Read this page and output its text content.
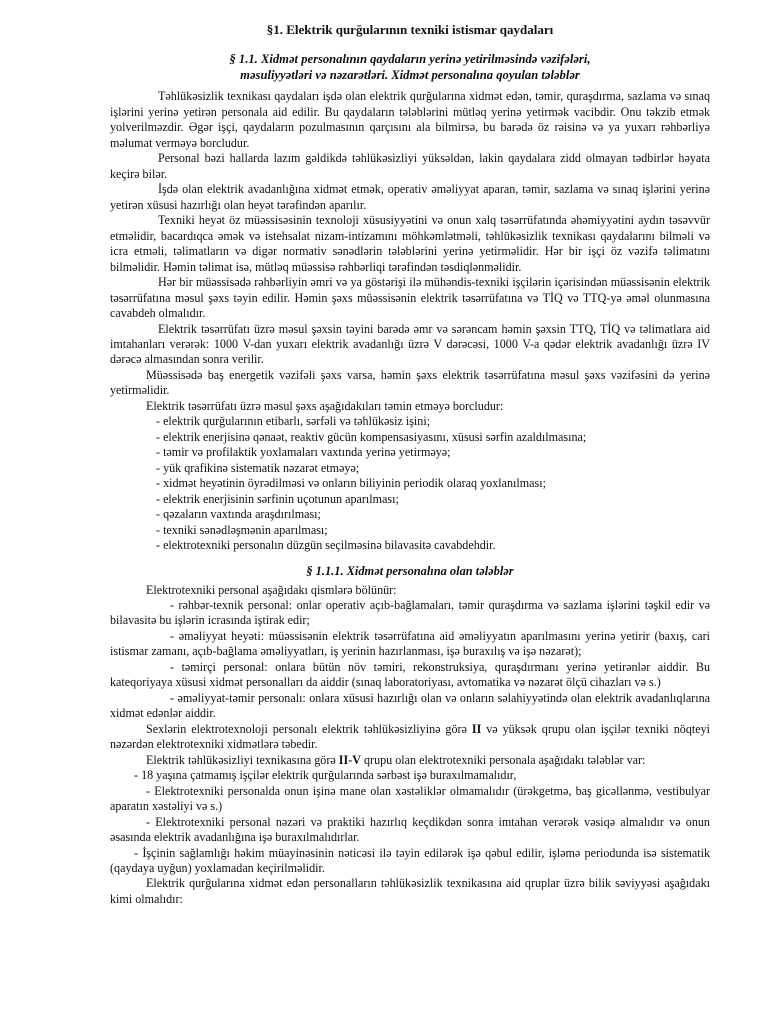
§1. Elektrik qurğularının texniki istismar qaydaları
§ 1.1. Xidmət personalının qaydaların yerinə yetirilməsində vəzifələri,
məsuliyyətləri və nəzarətləri. Xidmət personalına qoyulan tələblər

Təhlükəsizlik texnikası qaydaları işdə olan elektrik qurğularına xidmət edən, təmir, quraşdırma, sazlama və sınaq işlərini yerinə yetirən personala aid edilir. Bu qaydaların tələblərini mütləq yerinə yetirmək vacibdir. Onu təkzib etmək yolverilməzdir. Əgər işçi, qaydaların pozulmasının qarçısını ala bilmirsə, bu barədə öz rəisinə və ya yuxarı rəhbərliyə məlumat verməyə borcludur.

Personal bəzi hallarda lazım gəldikdə təhlükəsizliyi yüksəldən, lakin qaydalara zidd olmayan tədbirlər həyata keçirə bilər.

İşdə olan elektrik avadanlığına xidmət etmək, operativ əməliyyat aparan, təmir, sazlama və sınaq işlərini yerinə yetirən xüsusi hazırlığı olan heyət tərəfindən aparılır.

Texniki heyət öz müəssisəsinin texnoloji xüsusiyyətini və onun xalq təsərrüfatında əhəmiyyətini aydın təsəvvür etməlidir, bacardıqca əmək və istehsalat nizam-intizamını möhkəmlətməli, təhlükəsizlik texnikası qaydalarını bilməli və icra etməli, təlimatların və digər normativ sənədlərin tələblərini yerinə yetirməlidir. Hər bir işçi öz vəzifə təlimatını bilməlidir. Həmin təlimat isə, mütləq müəssisə rəhbərliqi tərəfindən təsdiqlənməlidir.

Hər bir müəssisədə rəhbərliyin əmri və ya göstərişi ilə mühəndis-texniki işçilərin içərisindən müəssisənin elektrik təsərrüfatına məsul şəxs təyin edilir. Həmin şəxs müəssisənin elektrik təsərrüfatına və TİQ və TTQ-yə əməl olunmasına cavabdeh olmalıdır.

Elektrik təsərrüfatı üzrə məsul şəxsin təyini barədə əmr və sərəncam həmin şəxsin TTQ, TİQ və təlimatlara aid imtahanları verərək: 1000 V-dan yuxarı elektrik avadanlığı üzrə V dərəcəsi, 1000 V-a qədər elektrik avadanlığı üzrə IV dərəcə almasından sonra verilir.

Müəssisədə baş energetik vəzifəli şəxs varsa, həmin şəxs elektrik təsərrüfatına məsul şəxs vəzifəsini də yerinə yetirməlidir.

Elektrik təsərrüfatı üzrə məsul şəxs aşağıdakıları təmin etməyə borcludur:

- elektrik qurğularının etibarlı, sərfəli və təhlükəsiz işini;
- elektrik enerjisinə qənaət, reaktiv gücün kompensasiyasını, xüsusi sərfin azaldılmasına;
- təmir və profilaktik yoxlamaları vaxtında yerinə yetirməyə;
- yük qrafikinə sistematik nəzarət etməyə;
- xidmət heyətinin öyrədilməsi və onların biliyinin periodik olaraq yoxlanılması;
- elektrik enerjisinin sərfinin uçotunun aparılması;
- qəzaların vaxtında araşdırılması;
- texniki sənədləşmənin aparılması;
- elektrotexniki personalın düzgün seçilməsinə bilavasitə cavabdehdir.
§ 1.1.1. Xidmət personalına olan tələblər

Elektrotexniki personal aşağıdakı qismlərə bölünür:

- rəhbər-texnik personal: onlar operativ açıb-bağlamaları, təmir quraşdırma və sazlama işlərini təşkil edir və bilavasitə bu işlərin icrasında iştirak edir;

- əməliyyat heyəti: müəssisənin elektrik təsərrüfatına aid əməliyyatın aparılmasını yerinə yetirir (baxış, cari istismar zamanı, açıb-bağlama əməliyyatları, iş yerinin hazırlanması, işə buraxılış və işə nəzarət);

- təmirçi personal: onlara bütün növ təmiri, rekonstruksiya, quraşdırmanı yerinə yetirənlər aiddir. Bu kateqoriyaya xüsusi xidmət personalları da aiddir (sınaq laboratoriyası, avtomatika və nəzarət ölçü cihazları və s.)

- əməliyyat-təmir personalı: onlara xüsusi hazırlığı olan və onların səlahiyyətində olan elektrik avadanlıqlarına xidmət edənlər aiddir.

Sexlərin elektrotexnoloji personalı elektrik təhlükəsizliyinə görə II və yüksək qrupu olan işçilər texniki nöqteyi nəzərdən elektrotexniki xidmətlərə təbedir.

Elektrik təhlükəsizliyi texnikasına görə II-V qrupu olan elektrotexniki personala aşağıdakı tələblər var:

- 18 yaşına çatmamış işçilər elektrik qurğularında sərbəst işə buraxılmamalıdır,

- Elektrotexniki personalda onun işinə mane olan xəstəliklər olmamalıdır (ürəkgetmə, baş gicəllənmə, vestibulyar aparatın xəstəliyi və s.)

- Elektrotexniki personal nəzəri və praktiki hazırlıq keçdikdən sonra imtahan verərək vəsiqə almalıdır və onun əsasında elektrik avadanlığına işə buraxılmalıdırlar.

- İşçinin sağlamlığı həkim müayinəsinin nəticəsi ilə təyin edilərək işə qəbul edilir, işləmə periodunda isə sistematik (qaydaya uyğun) yoxlamadan keçirilməlidir.

Elektrik qurğularına xidmət edən personalların təhlükəsizlik texnikasına aid qruplar üzrə bilik səviyyəsi aşağıdakı kimi olmalıdır:
